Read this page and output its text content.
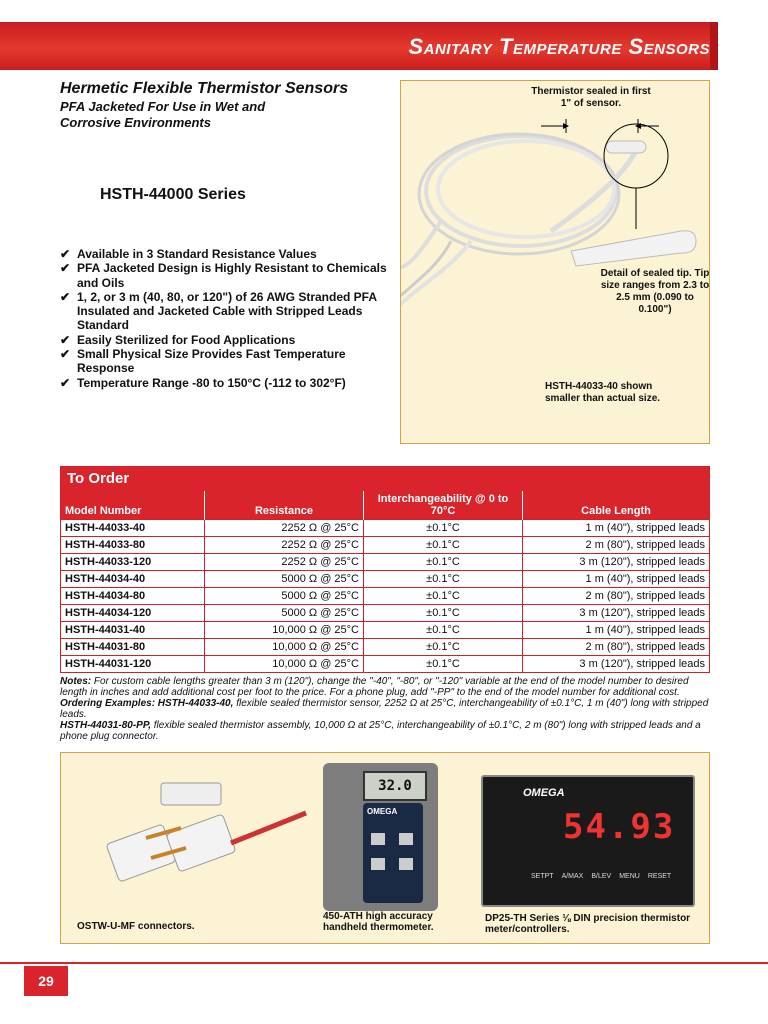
Sanitary Temperature Sensors
Hermetic Flexible Thermistor Sensors
PFA Jacketed For Use in Wet and Corrosive Environments
HSTH-44000 Series
✔ Available in 3 Standard Resistance Values
✔ PFA Jacketed Design is Highly Resistant to Chemicals and Oils
✔ 1, 2, or 3 m (40, 80, or 120") of 26 AWG Stranded PFA Insulated and Jacketed Cable with Stripped Leads Standard
✔ Easily Sterilized for Food Applications
✔ Small Physical Size Provides Fast Temperature Response
✔ Temperature Range -80 to 150°C (-112 to 302°F)
Thermistor sealed in first 1" of sensor.
Detail of sealed tip. Tip size ranges from 2.3 to 2.5 mm (0.090 to 0.100")
HSTH-44033-40 shown smaller than actual size.
To Order
Model Number	Resistance	Interchangeability @ 0 to 70°C	Cable Length
HSTH-44033-40	2252 Ω @ 25°C	±0.1°C	1 m (40"), stripped leads
HSTH-44033-80	2252 Ω @ 25°C	±0.1°C	2 m (80"), stripped leads
HSTH-44033-120	2252 Ω @ 25°C	±0.1°C	3 m (120"), stripped leads
HSTH-44034-40	5000 Ω @ 25°C	±0.1°C	1 m (40"), stripped leads
HSTH-44034-80	5000 Ω @ 25°C	±0.1°C	2 m (80"), stripped leads
HSTH-44034-120	5000 Ω @ 25°C	±0.1°C	3 m (120"), stripped leads
HSTH-44031-40	10,000 Ω @ 25°C	±0.1°C	1 m (40"), stripped leads
HSTH-44031-80	10,000 Ω @ 25°C	±0.1°C	2 m (80"), stripped leads
HSTH-44031-120	10,000 Ω @ 25°C	±0.1°C	3 m (120"), stripped leads
Notes: For custom cable lengths greater than 3 m (120"), change the "-40", "-80", or "-120" variable at the end of the model number to desired length in inches and add additional cost per foot to the price. For a phone plug, add "-PP" to the end of the model number for additional cost.
Ordering Examples: HSTH-44033-40, flexible sealed thermistor sensor, 2252 Ω at 25°C, interchangeability of ±0.1°C, 1 m (40") long with stripped leads.
HSTH-44031-80-PP, flexible sealed thermistor assembly, 10,000 Ω at 25°C, interchangeability of ±0.1°C, 2 m (80") long with stripped leads and a phone plug connector.
OSTW-U-MF connectors.
32.0
OMEGA
450-ATH high accuracy handheld thermometer.
OMEGA
54.93
SETPT A/MAX B/LEV MENU RESET
DP25-TH Series ⅛ DIN precision thermistor meter/controllers.
29
